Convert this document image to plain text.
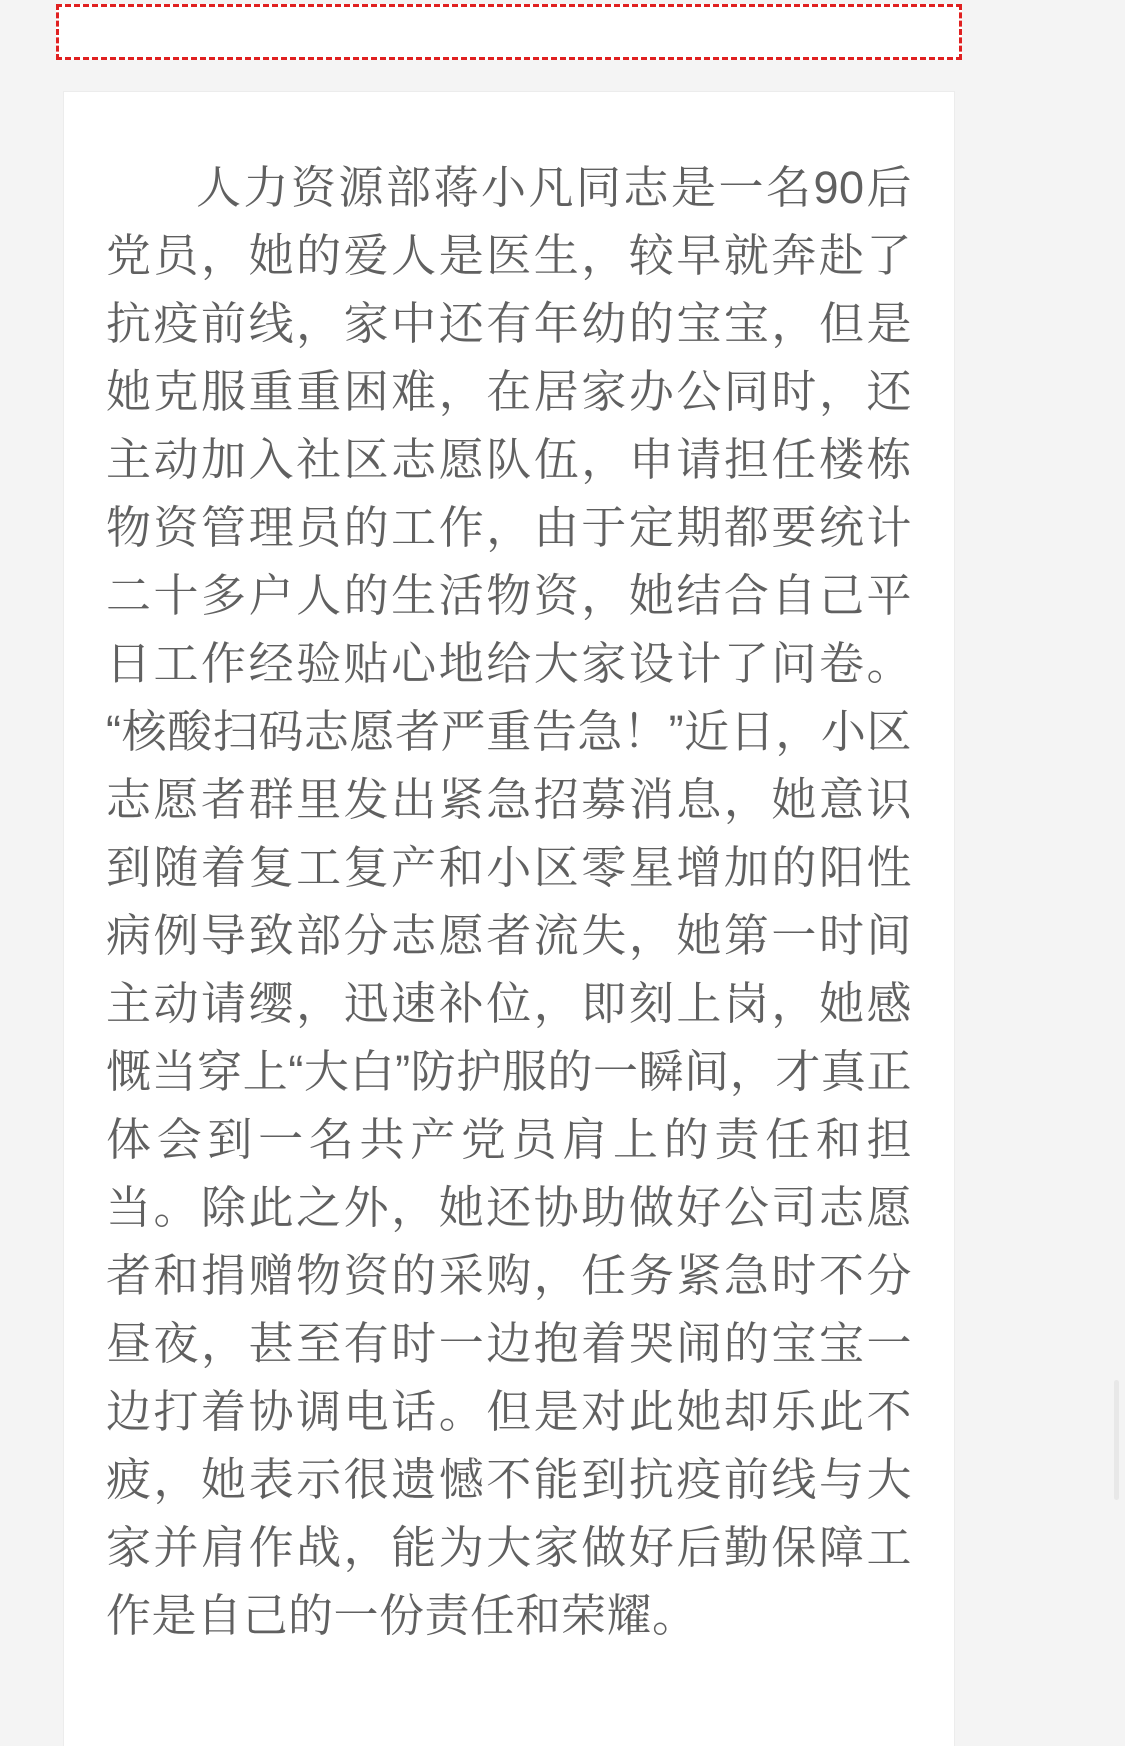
人力资源部蒋小凡同志是一名90后党员，她的爱人是医生，较早就奔赴了抗疫前线，家中还有年幼的宝宝，但是她克服重重困难，在居家办公同时，还主动加入社区志愿队伍，申请担任楼栋物资管理员的工作，由于定期都要统计二十多户人的生活物资，她结合自己平日工作经验贴心地给大家设计了问卷。“核酸扫码志愿者严重告急！”近日，小区志愿者群里发出紧急招募消息，她意识到随着复工复产和小区零星增加的阳性病例导致部分志愿者流失，她第一时间主动请缨，迅速补位，即刻上岗，她感慨当穿上“大白”防护服的一瞬间，才真正体会到一名共产党员肩上的责任和担当。除此之外，她还协助做好公司志愿者和捐赠物资的采购，任务紧急时不分昼夜，甚至有时一边抱着哭闹的宝宝一边打着协调电话。但是对此她却乐此不疲，她表示很遗憾不能到抗疫前线与大家并肩作战，能为大家做好后勤保障工作是自己的一份责任和荣耀。
